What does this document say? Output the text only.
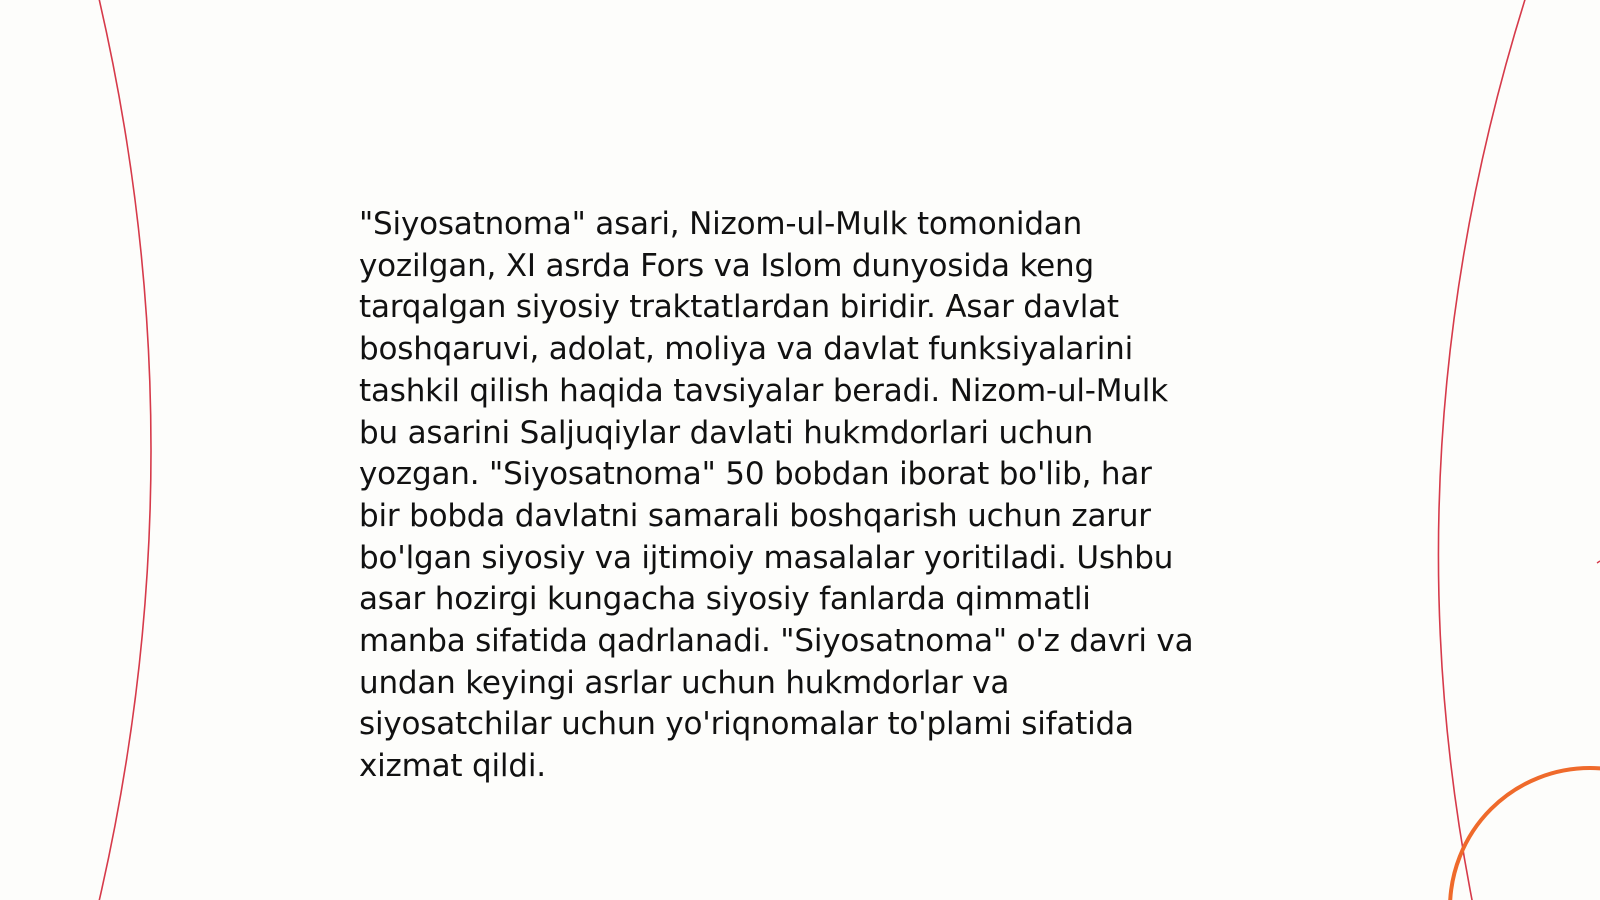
"Siyosatnoma" asari, Nizom-ul-Mulk tomonidan
yozilgan, XI asrda Fors va Islom dunyosida keng
tarqalgan siyosiy traktatlardan biridir. Asar davlat
boshqaruvi, adolat, moliya va davlat funksiyalarini
tashkil qilish haqida tavsiyalar beradi. Nizom-ul-Mulk
bu asarini Saljuqiylar davlati hukmdorlari uchun
yozgan. "Siyosatnoma" 50 bobdan iborat bo'lib, har
bir bobda davlatni samarali boshqarish uchun zarur
bo'lgan siyosiy va ijtimoiy masalalar yoritiladi. Ushbu
asar hozirgi kungacha siyosiy fanlarda qimmatli
manba sifatida qadrlanadi. "Siyosatnoma" o'z davri va
undan keyingi asrlar uchun hukmdorlar va
siyosatchilar uchun yo'riqnomalar to'plami sifatida
xizmat qildi.
